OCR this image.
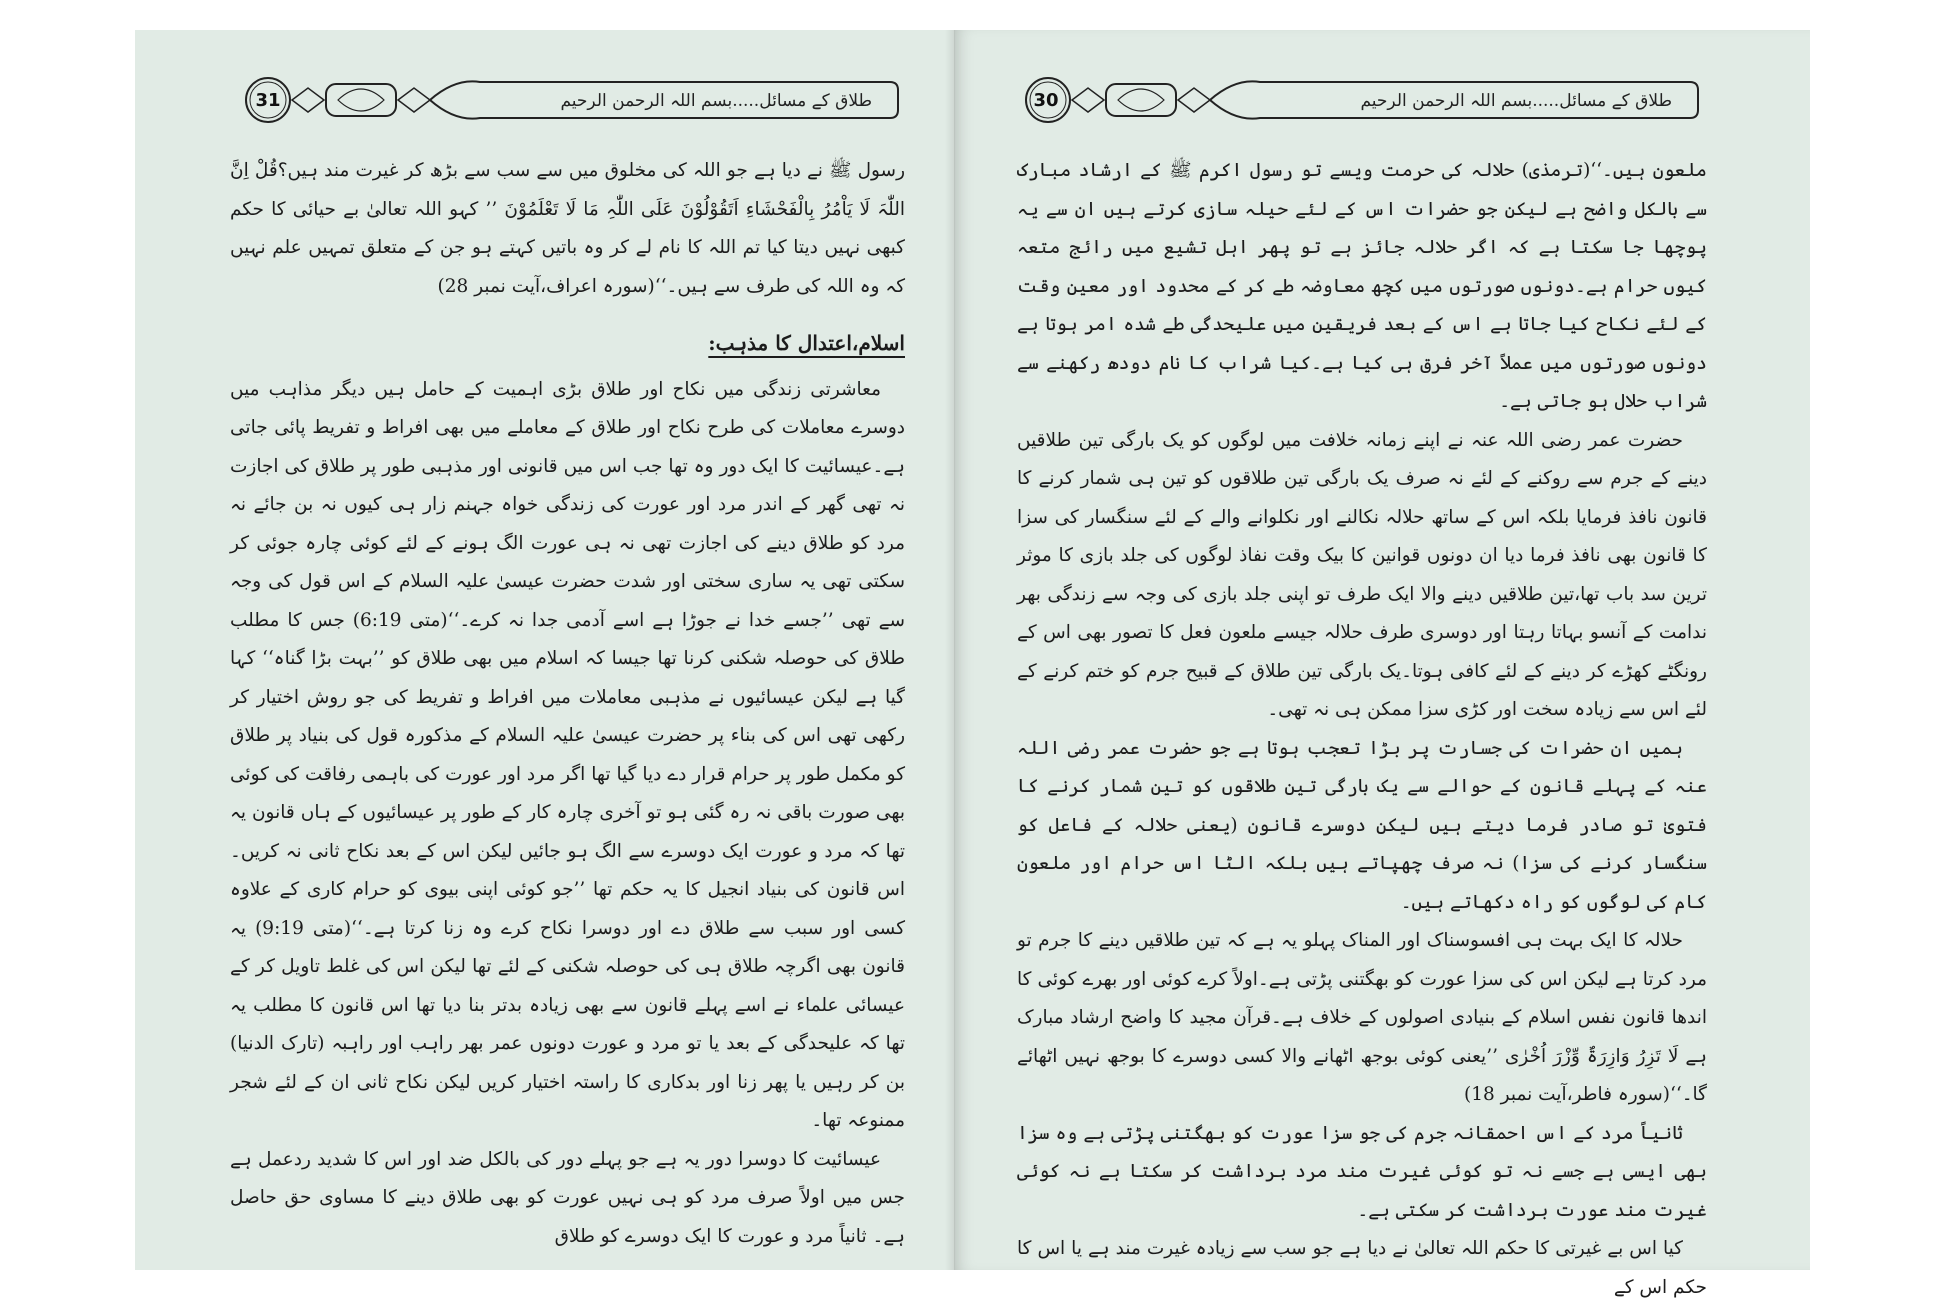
31	طلاق کے مسائل.....بسم اللہ الرحمن الرحیم

رسول ﷺ نے دیا ہے جو اللہ کی مخلوق میں سے سب سے بڑھ کر غیرت مند ہیں؟قُلْ اِنَّ اللّٰہَ لَا یَاْمُرُ بِالْفَحْشَاءِ اَتَقُوْلُوْنَ عَلَی اللّٰہِ مَا لَا تَعْلَمُوْنَ ’’ کہو اللہ تعالیٰ بے حیائی کا حکم کبھی نہیں دیتا کیا تم اللہ کا نام لے کر وہ باتیں کہتے ہو جن کے متعلق تمہیں علم نہیں کہ وہ اللہ کی طرف سے ہیں۔‘‘(سورہ اعراف،آیت نمبر 28)

اسلام،اعتدال کا مذہب:

معاشرتی زندگی میں نکاح اور طلاق بڑی اہمیت کے حامل ہیں دیگر مذاہب میں دوسرے معاملات کی طرح نکاح اور طلاق کے معاملے میں بھی افراط و تفریط پائی جاتی ہے۔عیسائیت کا ایک دور وہ تھا جب اس میں قانونی اور مذہبی طور پر طلاق کی اجازت نہ تھی گھر کے اندر مرد اور عورت کی زندگی خواہ جہنم زار ہی کیوں نہ بن جائے نہ مرد کو طلاق دینے کی اجازت تھی نہ ہی عورت الگ ہونے کے لئے کوئی چارہ جوئی کر سکتی تھی یہ ساری سختی اور شدت حضرت عیسیٰ علیہ السلام کے اس قول کی وجہ سے تھی ’’جسے خدا نے جوڑا ہے اسے آدمی جدا نہ کرے۔‘‘(متی 6:19) جس کا مطلب طلاق کی حوصلہ شکنی کرنا تھا جیسا کہ اسلام میں بھی طلاق کو ’’بہت بڑا گناہ‘‘ کہا گیا ہے لیکن عیسائیوں نے مذہبی معاملات میں افراط و تفریط کی جو روش اختیار کر رکھی تھی اس کی بناء پر حضرت عیسیٰ علیہ السلام کے مذکورہ قول کی بنیاد پر طلاق کو مکمل طور پر حرام قرار دے دیا گیا تھا اگر مرد اور عورت کی باہمی رفاقت کی کوئی بھی صورت باقی نہ رہ گئی ہو تو آخری چارہ کار کے طور پر عیسائیوں کے ہاں قانون یہ تھا کہ مرد و عورت ایک دوسرے سے الگ ہو جائیں لیکن اس کے بعد نکاح ثانی نہ کریں۔اس قانون کی بنیاد انجیل کا یہ حکم تھا ’’جو کوئی اپنی بیوی کو حرام کاری کے علاوہ کسی اور سبب سے طلاق دے اور دوسرا نکاح کرے وہ زنا کرتا ہے۔‘‘(متی 9:19) یہ قانون بھی اگرچہ طلاق ہی کی حوصلہ شکنی کے لئے تھا لیکن اس کی غلط تاویل کر کے عیسائی علماء نے اسے پہلے قانون سے بھی زیادہ بدتر بنا دیا تھا اس قانون کا مطلب یہ تھا کہ علیحدگی کے بعد یا تو مرد و عورت دونوں عمر بھر راہب اور راہبہ (تارک الدنیا) بن کر رہیں یا پھر زنا اور بدکاری کا راستہ اختیار کریں لیکن نکاح ثانی ان کے لئے شجر ممنوعہ تھا۔

عیسائیت کا دوسرا دور یہ ہے جو پہلے دور کی بالکل ضد اور اس کا شدید ردعمل ہے جس میں اولاً صرف مرد کو ہی نہیں عورت کو بھی طلاق دینے کا مساوی حق حاصل ہے۔ ثانیاً مرد و عورت کا ایک دوسرے کو طلاق

30	طلاق کے مسائل.....بسم اللہ الرحمن الرحیم

ملعون ہیں۔‘‘(ترمذی) حلالہ کی حرمت ویسے تو رسول اکرم ﷺ کے ارشاد مبارک سے بالکل واضح ہے لیکن جو حضرات اس کے لئے حیلہ سازی کرتے ہیں ان سے یہ پوچھا جا سکتا ہے کہ اگر حلالہ جائز ہے تو پھر اہل تشیع میں رائج متعہ کیوں حرام ہے۔دونوں صورتوں میں کچھ معاوضہ طے کر کے محدود اور معین وقت کے لئے نکاح کیا جاتا ہے اس کے بعد فریقین میں علیحدگی طے شدہ امر ہوتا ہے دونوں صورتوں میں عملاً آخر فرق ہی کیا ہے۔کیا شراب کا نام دودھ رکھنے سے شراب حلال ہو جاتی ہے۔

حضرت عمر رضی اللہ عنہ نے اپنے زمانہ خلافت میں لوگوں کو یک بارگی تین طلاقیں دینے کے جرم سے روکنے کے لئے نہ صرف یک بارگی تین طلاقوں کو تین ہی شمار کرنے کا قانون نافذ فرمایا بلکہ اس کے ساتھ حلالہ نکالنے اور نکلوانے والے کے لئے سنگسار کی سزا کا قانون بھی نافذ فرما دیا ان دونوں قوانین کا بیک وقت نفاذ لوگوں کی جلد بازی کا موثر ترین سد باب تھا،تین طلاقیں دینے والا ایک طرف تو اپنی جلد بازی کی وجہ سے زندگی بھر ندامت کے آنسو بہاتا رہتا اور دوسری طرف حلالہ جیسے ملعون فعل کا تصور بھی اس کے رونگٹے کھڑے کر دینے کے لئے کافی ہوتا۔یک بارگی تین طلاق کے قبیح جرم کو ختم کرنے کے لئے اس سے زیادہ سخت اور کڑی سزا ممکن ہی نہ تھی۔

ہمیں ان حضرات کی جسارت پر بڑا تعجب ہوتا ہے جو حضرت عمر رضی اللہ عنہ کے پہلے قانون کے حوالے سے یک بارگی تین طلاقوں کو تین شمار کرنے کا فتویٰ تو صادر فرما دیتے ہیں لیکن دوسرے قانون (یعنی حلالہ کے فاعل کو سنگسار کرنے کی سزا) نہ صرف چھپاتے ہیں بلکہ الٹا اس حرام اور ملعون کام کی لوگوں کو راہ دکھاتے ہیں۔

حلالہ کا ایک بہت ہی افسوسناک اور المناک پہلو یہ ہے کہ تین طلاقیں دینے کا جرم تو مرد کرتا ہے لیکن اس کی سزا عورت کو بھگتنی پڑتی ہے۔اولاً کرے کوئی اور بھرے کوئی کا اندھا قانون نفس اسلام کے بنیادی اصولوں کے خلاف ہے۔قرآن مجید کا واضح ارشاد مبارک ہے لَا تَزِرُ وَازِرَۃٌ وِّزْرَ اُخْرٰی ’’یعنی کوئی بوجھ اٹھانے والا کسی دوسرے کا بوجھ نہیں اٹھائے گا۔‘‘(سورہ فاطر،آیت نمبر 18)

ثانیاً مرد کے اس احمقانہ جرم کی جو سزا عورت کو بھگتنی پڑتی ہے وہ سزا بھی ایسی ہے جسے نہ تو کوئی غیرت مند مرد برداشت کر سکتا ہے نہ کوئی غیرت مند عورت برداشت کر سکتی ہے۔

کیا اس بے غیرتی کا حکم اللہ تعالیٰ نے دیا ہے جو سب سے زیادہ غیرت مند ہے یا اس کا حکم اس کے
